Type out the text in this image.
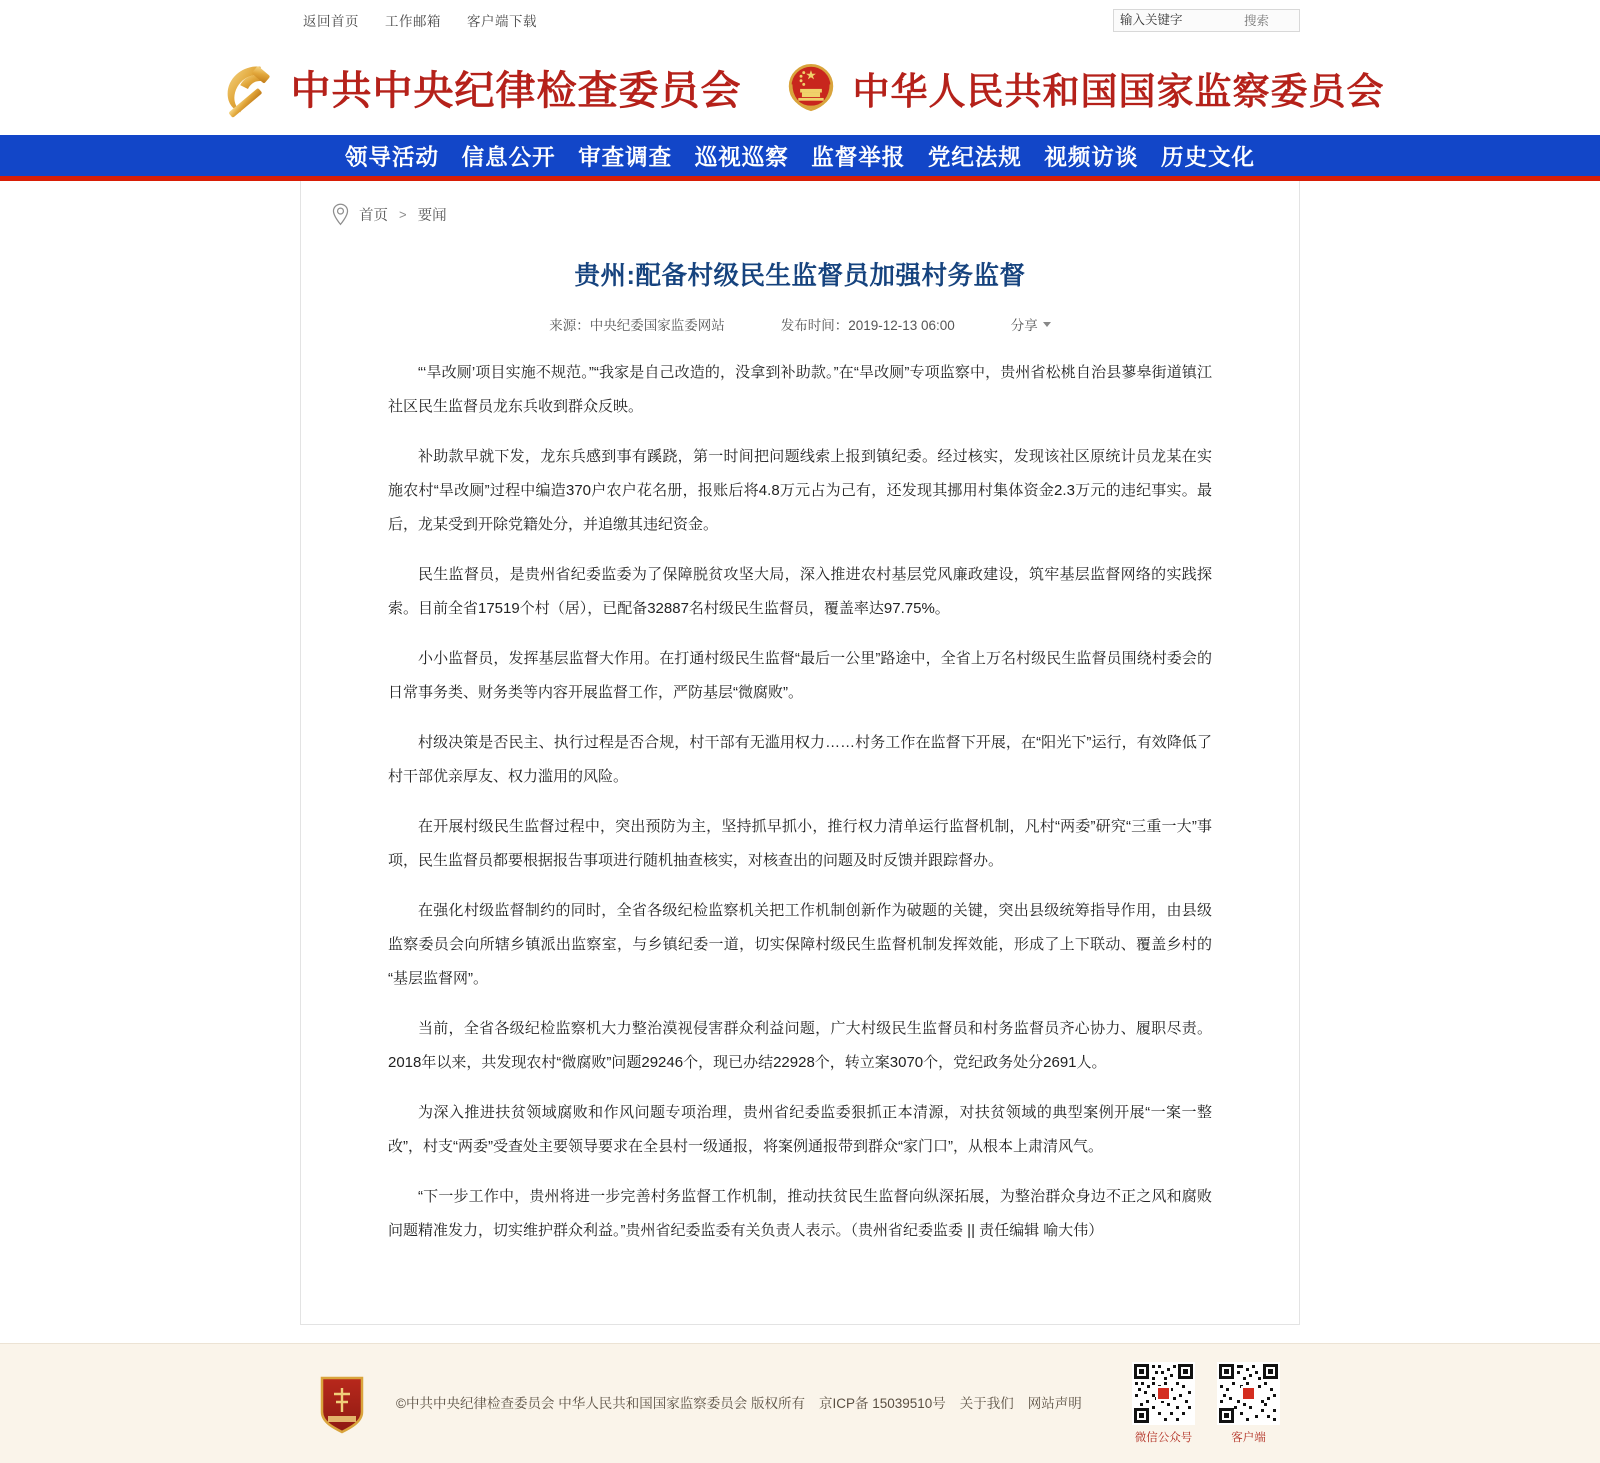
返回首页 工作邮箱 客户端下载
输入关键字	搜索
中共中央纪律检查委员会	中华人民共和国国家监察委员会
领导活动 信息公开 审查调查 巡视巡察 监督举报 党纪法规 视频访谈 历史文化
首页 > 要闻
贵州:配备村级民生监督员加强村务监督
来源：中央纪委国家监委网站	发布时间：2019-12-13 06:00	分享

“‘旱改厕’项目实施不规范。”“我家是自己改造的，没拿到补助款。”在“旱改厕”专项监察中，贵州省松桃自治县蓼皋街道镇江社区民生监督员龙东兵收到群众反映。

补助款早就下发，龙东兵感到事有蹊跷，第一时间把问题线索上报到镇纪委。经过核实，发现该社区原统计员龙某在实施农村“旱改厕”过程中编造370户农户花名册，报账后将4.8万元占为己有，还发现其挪用村集体资金2.3万元的违纪事实。最后，龙某受到开除党籍处分，并追缴其违纪资金。

民生监督员，是贵州省纪委监委为了保障脱贫攻坚大局，深入推进农村基层党风廉政建设，筑牢基层监督网络的实践探索。目前全省17519个村（居），已配备32887名村级民生监督员，覆盖率达97.75%。

小小监督员，发挥基层监督大作用。在打通村级民生监督“最后一公里”路途中，全省上万名村级民生监督员围绕村委会的日常事务类、财务类等内容开展监督工作，严防基层“微腐败”。

村级决策是否民主、执行过程是否合规，村干部有无滥用权力……村务工作在监督下开展，在“阳光下”运行，有效降低了村干部优亲厚友、权力滥用的风险。

在开展村级民生监督过程中，突出预防为主，坚持抓早抓小，推行权力清单运行监督机制，凡村“两委”研究“三重一大”事项，民生监督员都要根据报告事项进行随机抽查核实，对核查出的问题及时反馈并跟踪督办。

在强化村级监督制约的同时，全省各级纪检监察机关把工作机制创新作为破题的关键，突出县级统筹指导作用，由县级监察委员会向所辖乡镇派出监察室，与乡镇纪委一道，切实保障村级民生监督机制发挥效能，形成了上下联动、覆盖乡村的“基层监督网”。

当前，全省各级纪检监察机大力整治漠视侵害群众利益问题，广大村级民生监督员和村务监督员齐心协力、履职尽责。2018年以来，共发现农村“微腐败”问题29246个，现已办结22928个，转立案3070个，党纪政务处分2691人。

为深入推进扶贫领域腐败和作风问题专项治理，贵州省纪委监委狠抓正本清源，对扶贫领域的典型案例开展“一案一整改”，村支“两委”受查处主要领导要求在全县村一级通报，将案例通报带到群众“家门口”，从根本上肃清风气。

“下一步工作中，贵州将进一步完善村务监督工作机制，推动扶贫民生监督向纵深拓展，为整治群众身边不正之风和腐败问题精准发力，切实维护群众利益。”贵州省纪委监委有关负责人表示。（贵州省纪委监委 || 责任编辑 喻大伟）

©中共中央纪律检查委员会 中华人民共和国国家监察委员会 版权所有 京ICP备 15039510号 关于我们 网站声明
微信公众号	客户端
